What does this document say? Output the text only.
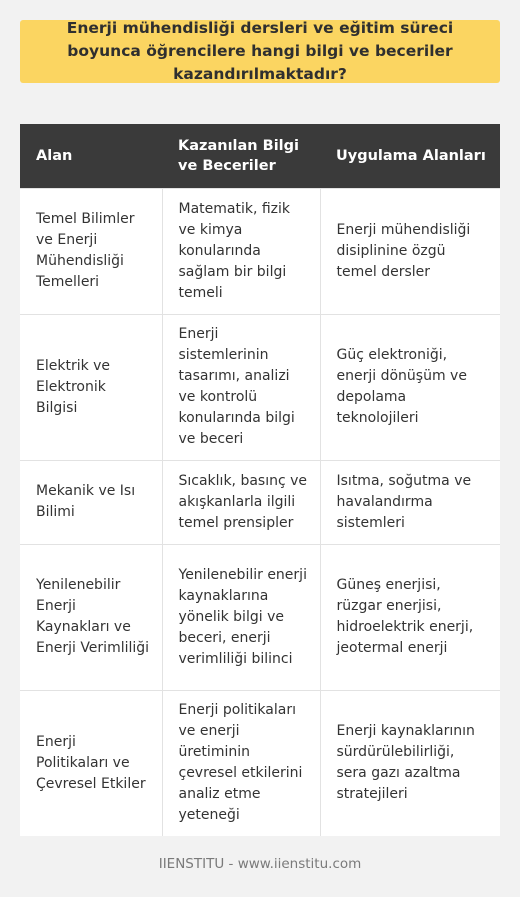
Enerji mühendisliği dersleri ve eğitim süreci boyunca öğrencilere hangi bilgi ve beceriler kazandırılmaktadır?
Alan	Kazanılan Bilgi ve Beceriler	Uygulama Alanları
Temel Bilimler ve Enerji Mühendisliği Temelleri	Matematik, fizik ve kimya konularında sağlam bir bilgi temeli	Enerji mühendisliği disiplinine özgü temel dersler
Elektrik ve Elektronik Bilgisi	Enerji sistemlerinin tasarımı, analizi ve kontrolü konularında bilgi ve beceri	Güç elektroniği, enerji dönüşüm ve depolama teknolojileri
Mekanik ve Isı Bilimi	Sıcaklık, basınç ve akışkanlarla ilgili temel prensipler	Isıtma, soğutma ve havalandırma sistemleri
Yenilenebilir Enerji Kaynakları ve Enerji Verimliliği	Yenilenebilir enerji kaynaklarına yönelik bilgi ve beceri, enerji verimliliği bilinci	Güneş enerjisi, rüzgar enerjisi, hidroelektrik enerji, jeotermal enerji
Enerji Politikaları ve Çevresel Etkiler	Enerji politikaları ve enerji üretiminin çevresel etkilerini analiz etme yeteneği	Enerji kaynaklarının sürdürülebilirliği, sera gazı azaltma stratejileri
IIENSTITU - www.iienstitu.com
